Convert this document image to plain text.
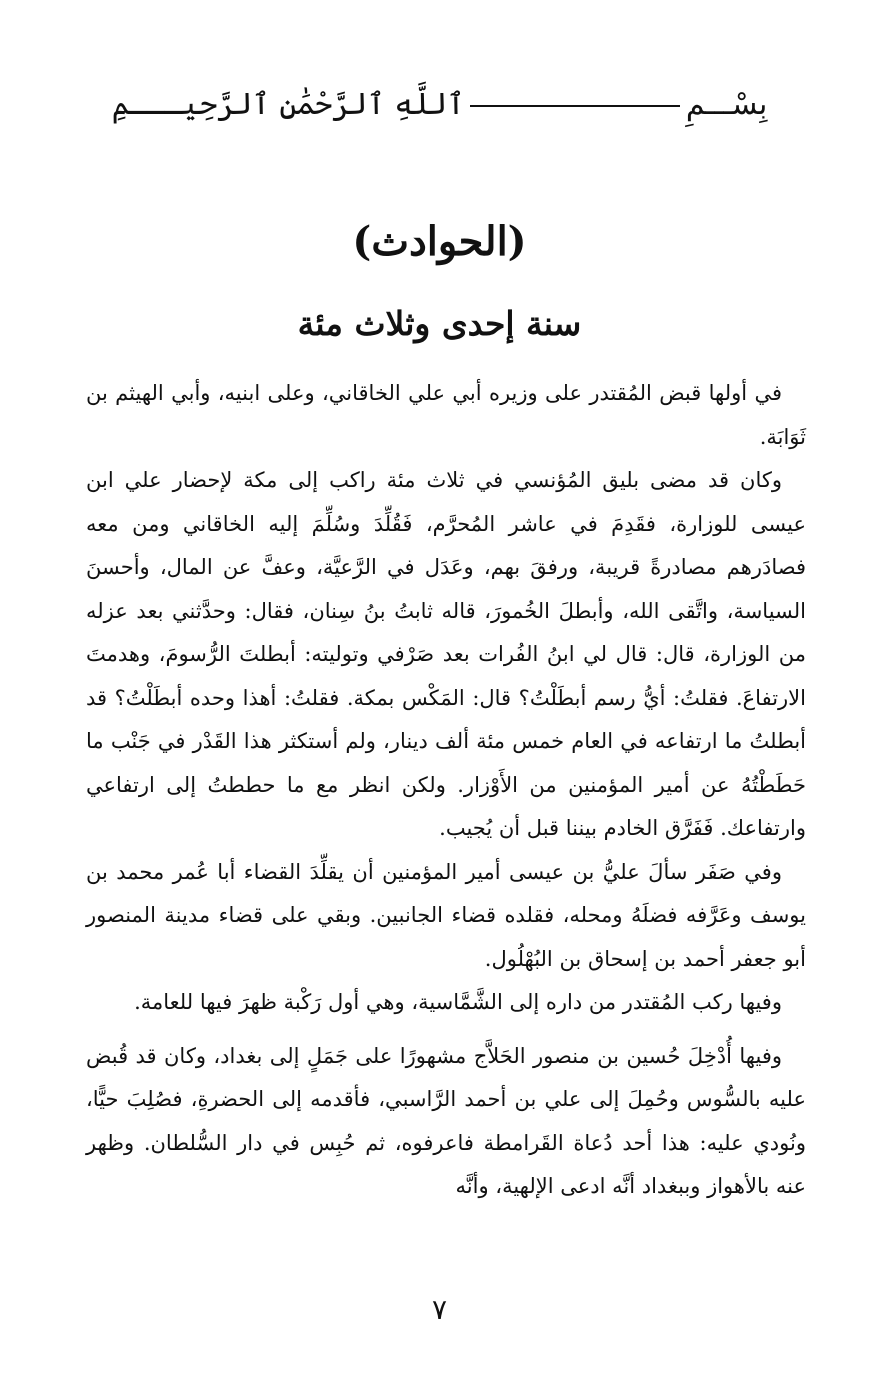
بِسْـــمِ  ٱللَّهِ ٱلرَّحْمَٰنِ ٱلرَّحِيـــمِ
(الحوادث)
سنة إحدى وثلاث مئة

في أولها قبض المُقتدر على وزيره أبي علي الخاقاني، وعلى ابنيه، وأبي الهيثم بن ثَوَابَة.

وكان قد مضى بليق المُؤنسي في ثلاث مئة راكب إلى مكة لإحضار علي ابن عيسى للوزارة، فقَدِمَ في عاشر المُحرَّم، فَقُلِّدَ وسُلِّمَ إليه الخاقاني ومن معه فصادَرهم مصادرةً قريبة، ورفقَ بهم، وعَدَل في الرَّعيَّة، وعفَّ عن المال، وأحسنَ السياسة، واتَّقى الله، وأبطلَ الخُمورَ، قاله ثابتُ بنُ سِنان، فقال: وحدَّثني بعد عزله من الوزارة، قال: قال لي ابنُ الفُرات بعد صَرْفي وتوليته: أبطلتَ الرُّسومَ، وهدمتَ الارتفاعَ. فقلتُ: أيُّ رسم أبطَلْتُ؟ قال: المَكْس بمكة. فقلتُ: أهذا وحده أبطَلْتُ؟ قد أبطلتُ ما ارتفاعه في العام خمس مئة ألف دينار، ولم أستكثر هذا القَدْر في جَنْب ما حَطَطْتُهُ عن أمير المؤمنين من الأَوْزار. ولكن انظر مع ما حططتُ إلى ارتفاعي وارتفاعك. فَفَرَّق الخادم بيننا قبل أن يُجيب.

وفي صَفَر سألَ عليُّ بن عيسى أمير المؤمنين أن يقلِّدَ القضاء أبا عُمر محمد بن يوسف وعَرَّفه فضلَهُ ومحله، فقلده قضاء الجانبين. وبقي على قضاء مدينة المنصور أبو جعفر أحمد بن إسحاق بن البُهْلُول.

وفيها ركب المُقتدر من داره إلى الشَّمَّاسية، وهي أول رَكْبة ظهرَ فيها للعامة.

وفيها أُدْخِلَ حُسين بن منصور الحَلاَّج مشهورًا على جَمَلٍ إلى بغداد، وكان قد قُبض عليه بالسُّوس وحُمِلَ إلى علي بن أحمد الرَّاسبي، فأقدمه إلى الحضرةِ، فصُلِبَ حيًّا، ونُودي عليه: هذا أحد دُعاة القَرامطة فاعرفوه، ثم حُبِس في دار السُّلطان. وظهر عنه بالأهواز وببغداد أنَّه ادعى الإلهية، وأنَّه

٧
